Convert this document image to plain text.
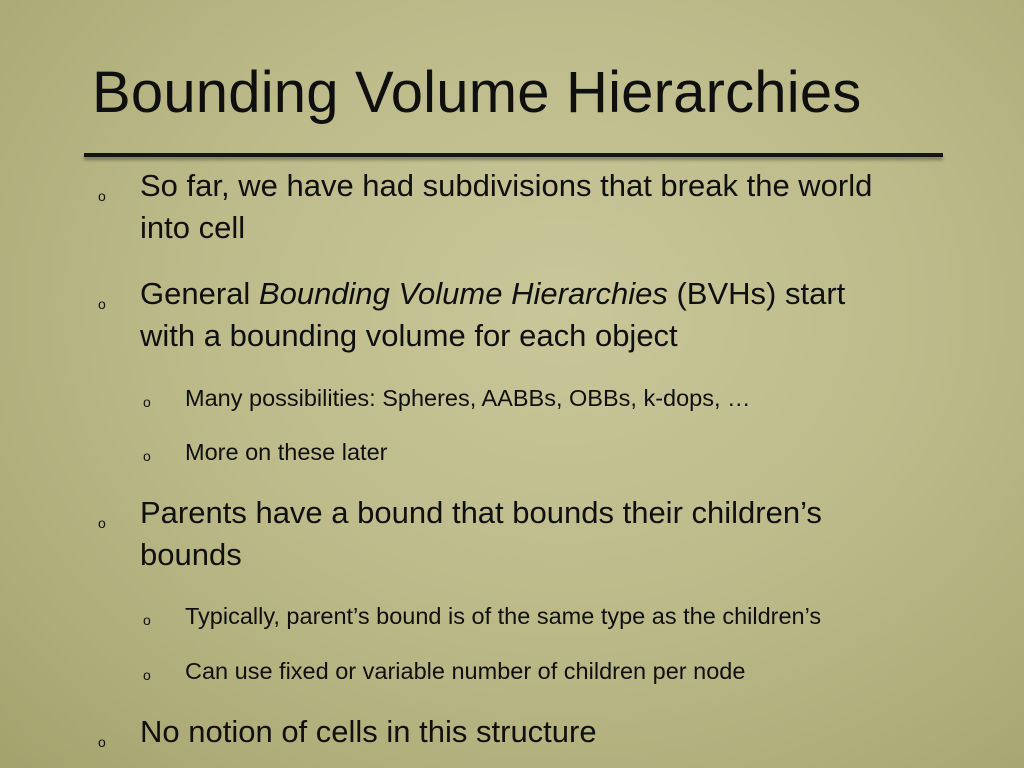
Bounding Volume Hierarchies
o So far, we have had subdivisions that break the world
into cell
o General Bounding Volume Hierarchies (BVHs) start
with a bounding volume for each object
o Many possibilities: Spheres, AABBs, OBBs, k-dops, …
o More on these later
o Parents have a bound that bounds their children’s
bounds
o Typically, parent’s bound is of the same type as the children’s
o Can use fixed or variable number of children per node
o No notion of cells in this structure
